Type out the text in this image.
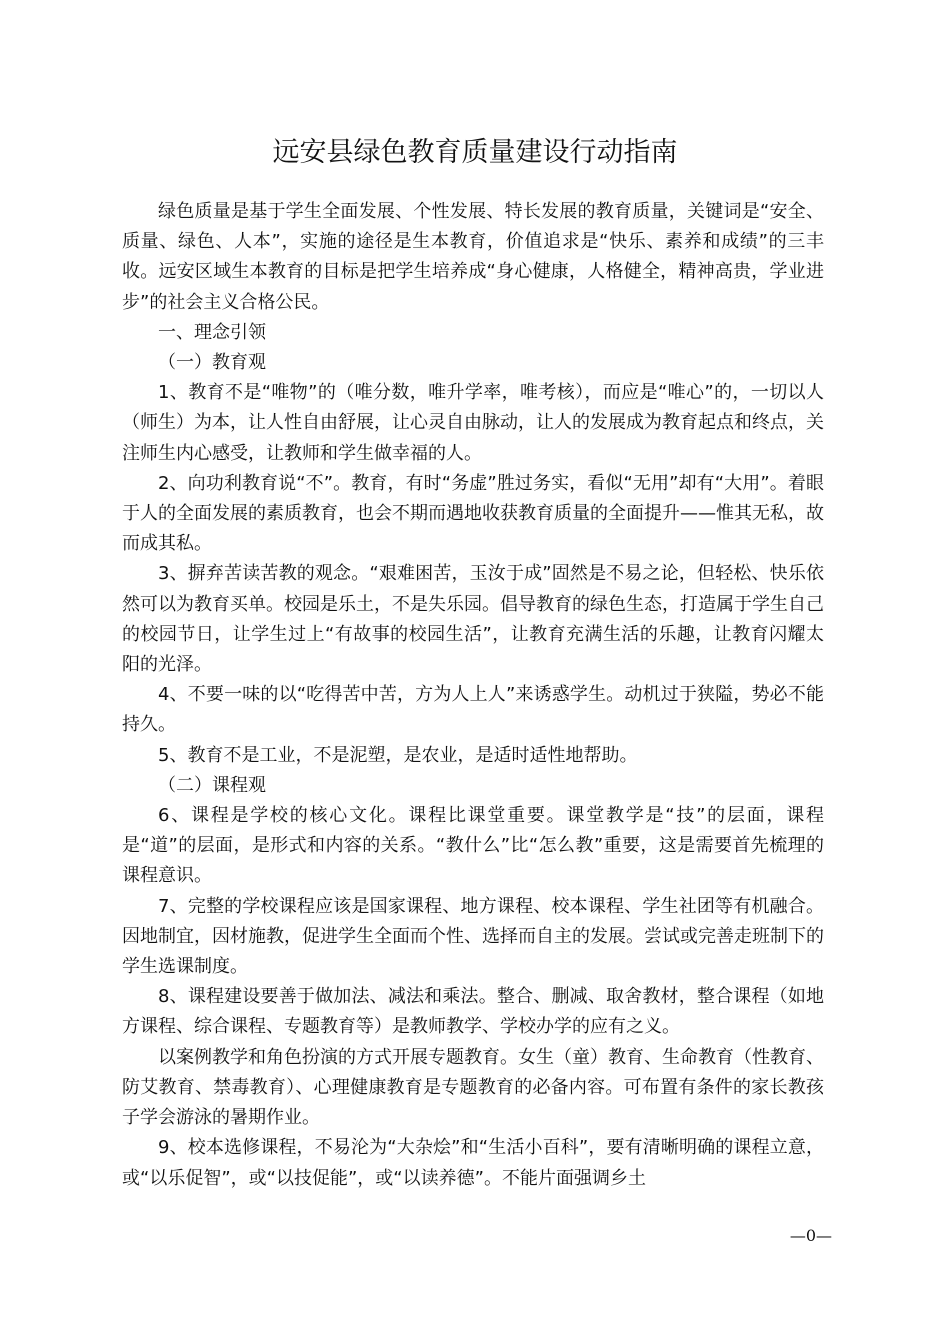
远安县绿色教育质量建设行动指南

绿色质量是基于学生全面发展、个性发展、特长发展的教育质量，关键词是“安全、质量、绿色、人本”，实施的途径是生本教育，价值追求是“快乐、素养和成绩”的三丰收。远安区域生本教育的目标是把学生培养成“身心健康，人格健全，精神高贵，学业进步”的社会主义合格公民。

一、理念引领

（一）教育观

1、教育不是“唯物”的（唯分数，唯升学率，唯考核），而应是“唯心”的，一切以人（师生）为本，让人性自由舒展，让心灵自由脉动，让人的发展成为教育起点和终点，关注师生内心感受，让教师和学生做幸福的人。

2、向功利教育说“不”。教育，有时“务虚”胜过务实，看似“无用”却有“大用”。着眼于人的全面发展的素质教育，也会不期而遇地收获教育质量的全面提升——惟其无私，故而成其私。

3、摒弃苦读苦教的观念。“艰难困苦，玉汝于成”固然是不易之论，但轻松、快乐依然可以为教育买单。校园是乐土，不是失乐园。倡导教育的绿色生态，打造属于学生自己的校园节日，让学生过上“有故事的校园生活”，让教育充满生活的乐趣，让教育闪耀太阳的光泽。

4、不要一味的以“吃得苦中苦，方为人上人”来诱惑学生。动机过于狭隘，势必不能持久。

5、教育不是工业，不是泥塑，是农业，是适时适性地帮助。

（二）课程观

6、课程是学校的核心文化。课程比课堂重要。课堂教学是“技”的层面，课程是“道”的层面，是形式和内容的关系。“教什么”比“怎么教”重要，这是需要首先梳理的课程意识。

7、完整的学校课程应该是国家课程、地方课程、校本课程、学生社团等有机融合。因地制宜，因材施教，促进学生全面而个性、选择而自主的发展。尝试或完善走班制下的学生选课制度。

8、课程建设要善于做加法、减法和乘法。整合、删减、取舍教材，整合课程（如地方课程、综合课程、专题教育等）是教师教学、学校办学的应有之义。

以案例教学和角色扮演的方式开展专题教育。女生（童）教育、生命教育（性教育、防艾教育、禁毒教育）、心理健康教育是专题教育的必备内容。可布置有条件的家长教孩子学会游泳的暑期作业。

9、校本选修课程，不易沦为“大杂烩”和“生活小百科”，要有清晰明确的课程立意，或“以乐促智”，或“以技促能”，或“以读养德”。不能片面强调乡土

—0—
